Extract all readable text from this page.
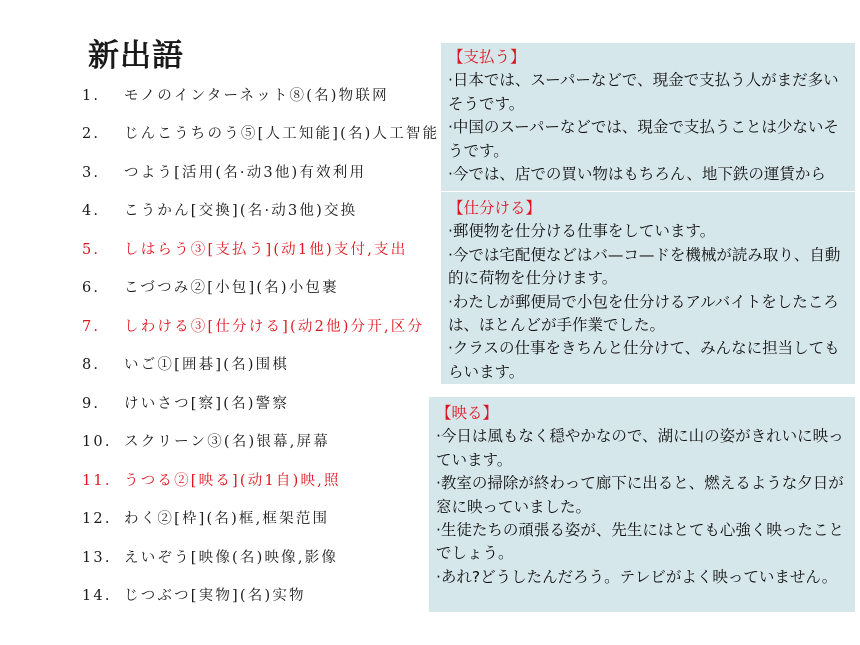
新出語
1. モノのインターネット⑧(名)物联网
2. じんこうちのう⑤[人工知能](名)人工智能
3. つよう[活用(名·动3他)有效利用
4. こうかん[交換](名·动3他)交换
5. しはらう③[支払う](动1他)支付,支出
6. こづつみ②[小包](名)小包裹
7. しわける③[仕分ける](动2他)分开,区分
8. いご①[囲碁](名)围棋
9. けいさつ[察](名)警察
10. スクリーン③(名)银幕,屏幕
11. うつる②[映る](动1自)映,照
12. わく②[枠](名)框,框架范围
13. えいぞう[映像(名)映像,影像
14. じつぶつ[実物](名)实物
【支払う】
·日本では、スーパーなどで、現金で支払う人がまだ多いそうです。
·中国のスーパーなどでは、現金で支払うことは少ないそうです。
·今では、店での買い物はもちろん、地下鉄の運賃から
【仕分ける】
·郵便物を仕分ける仕事をしています。
·今では宅配便などはバ—コ—ドを機械が読み取り、自動的に荷物を仕分けます。
·わたしが郵便局で小包を仕分けるアルバイトをしたころは、ほとんどが手作業でした。
·クラスの仕事をきちんと仕分けて、みんなに担当してもらいます。
【映る】
·今日は風もなく穏やかなので、湖に山の姿がきれいに映っています。
·教室の掃除が終わって廊下に出ると、燃えるような夕日が窓に映っていました。
·生徒たちの頑張る姿が、先生にはとても心強く映ったことでしょう。
·あれ?どうしたんだろう。テレビがよく映っていません。
